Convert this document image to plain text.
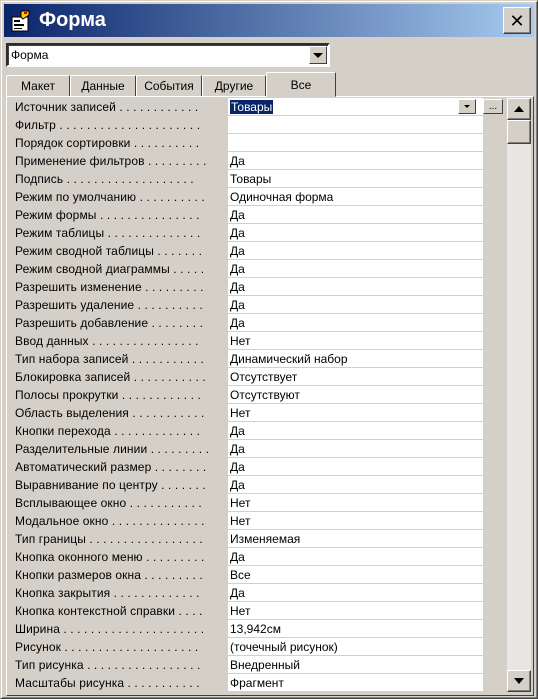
Форма	✕
Форма
Макет	Данные	События	Другие	Все
Источник записей . . . . . . . . . . . .	Товары	...
Фильтр . . . . . . . . . . . . . . . . . . . . .
Порядок сортировки . . . . . . . . . .
Применение фильтров . . . . . . . . .	Да
Подпись . . . . . . . . . . . . . . . . . . .	Товары
Режим по умолчанию . . . . . . . . . .	Одиночная форма
Режим формы . . . . . . . . . . . . . . .	Да
Режим таблицы . . . . . . . . . . . . . .	Да
Режим сводной таблицы . . . . . . .	Да
Режим сводной диаграммы . . . . .	Да
Разрешить изменение . . . . . . . . .	Да
Разрешить удаление . . . . . . . . . .	Да
Разрешить добавление . . . . . . . .	Да
Ввод данных . . . . . . . . . . . . . . . .	Нет
Тип набора записей . . . . . . . . . . .	Динамический набор
Блокировка записей . . . . . . . . . . .	Отсутствует
Полосы прокрутки . . . . . . . . . . . .	Отсутствуют
Область выделения . . . . . . . . . . .	Нет
Кнопки перехода . . . . . . . . . . . . .	Да
Разделительные линии . . . . . . . . .	Да
Автоматический размер . . . . . . . .	Да
Выравнивание по центру . . . . . . .	Да
Всплывающее окно . . . . . . . . . . .	Нет
Модальное окно . . . . . . . . . . . . . .	Нет
Тип границы . . . . . . . . . . . . . . . . .	Изменяемая
Кнопка оконного меню . . . . . . . . .	Да
Кнопки размеров окна . . . . . . . . .	Все
Кнопка закрытия . . . . . . . . . . . . .	Да
Кнопка контекстной справки . . . .	Нет
Ширина . . . . . . . . . . . . . . . . . . . . .	13,942см
Рисунок . . . . . . . . . . . . . . . . . . . .	(точечный рисунок)
Тип рисунка . . . . . . . . . . . . . . . . .	Внедренный
Масштабы рисунка . . . . . . . . . . .	Фрагмент
